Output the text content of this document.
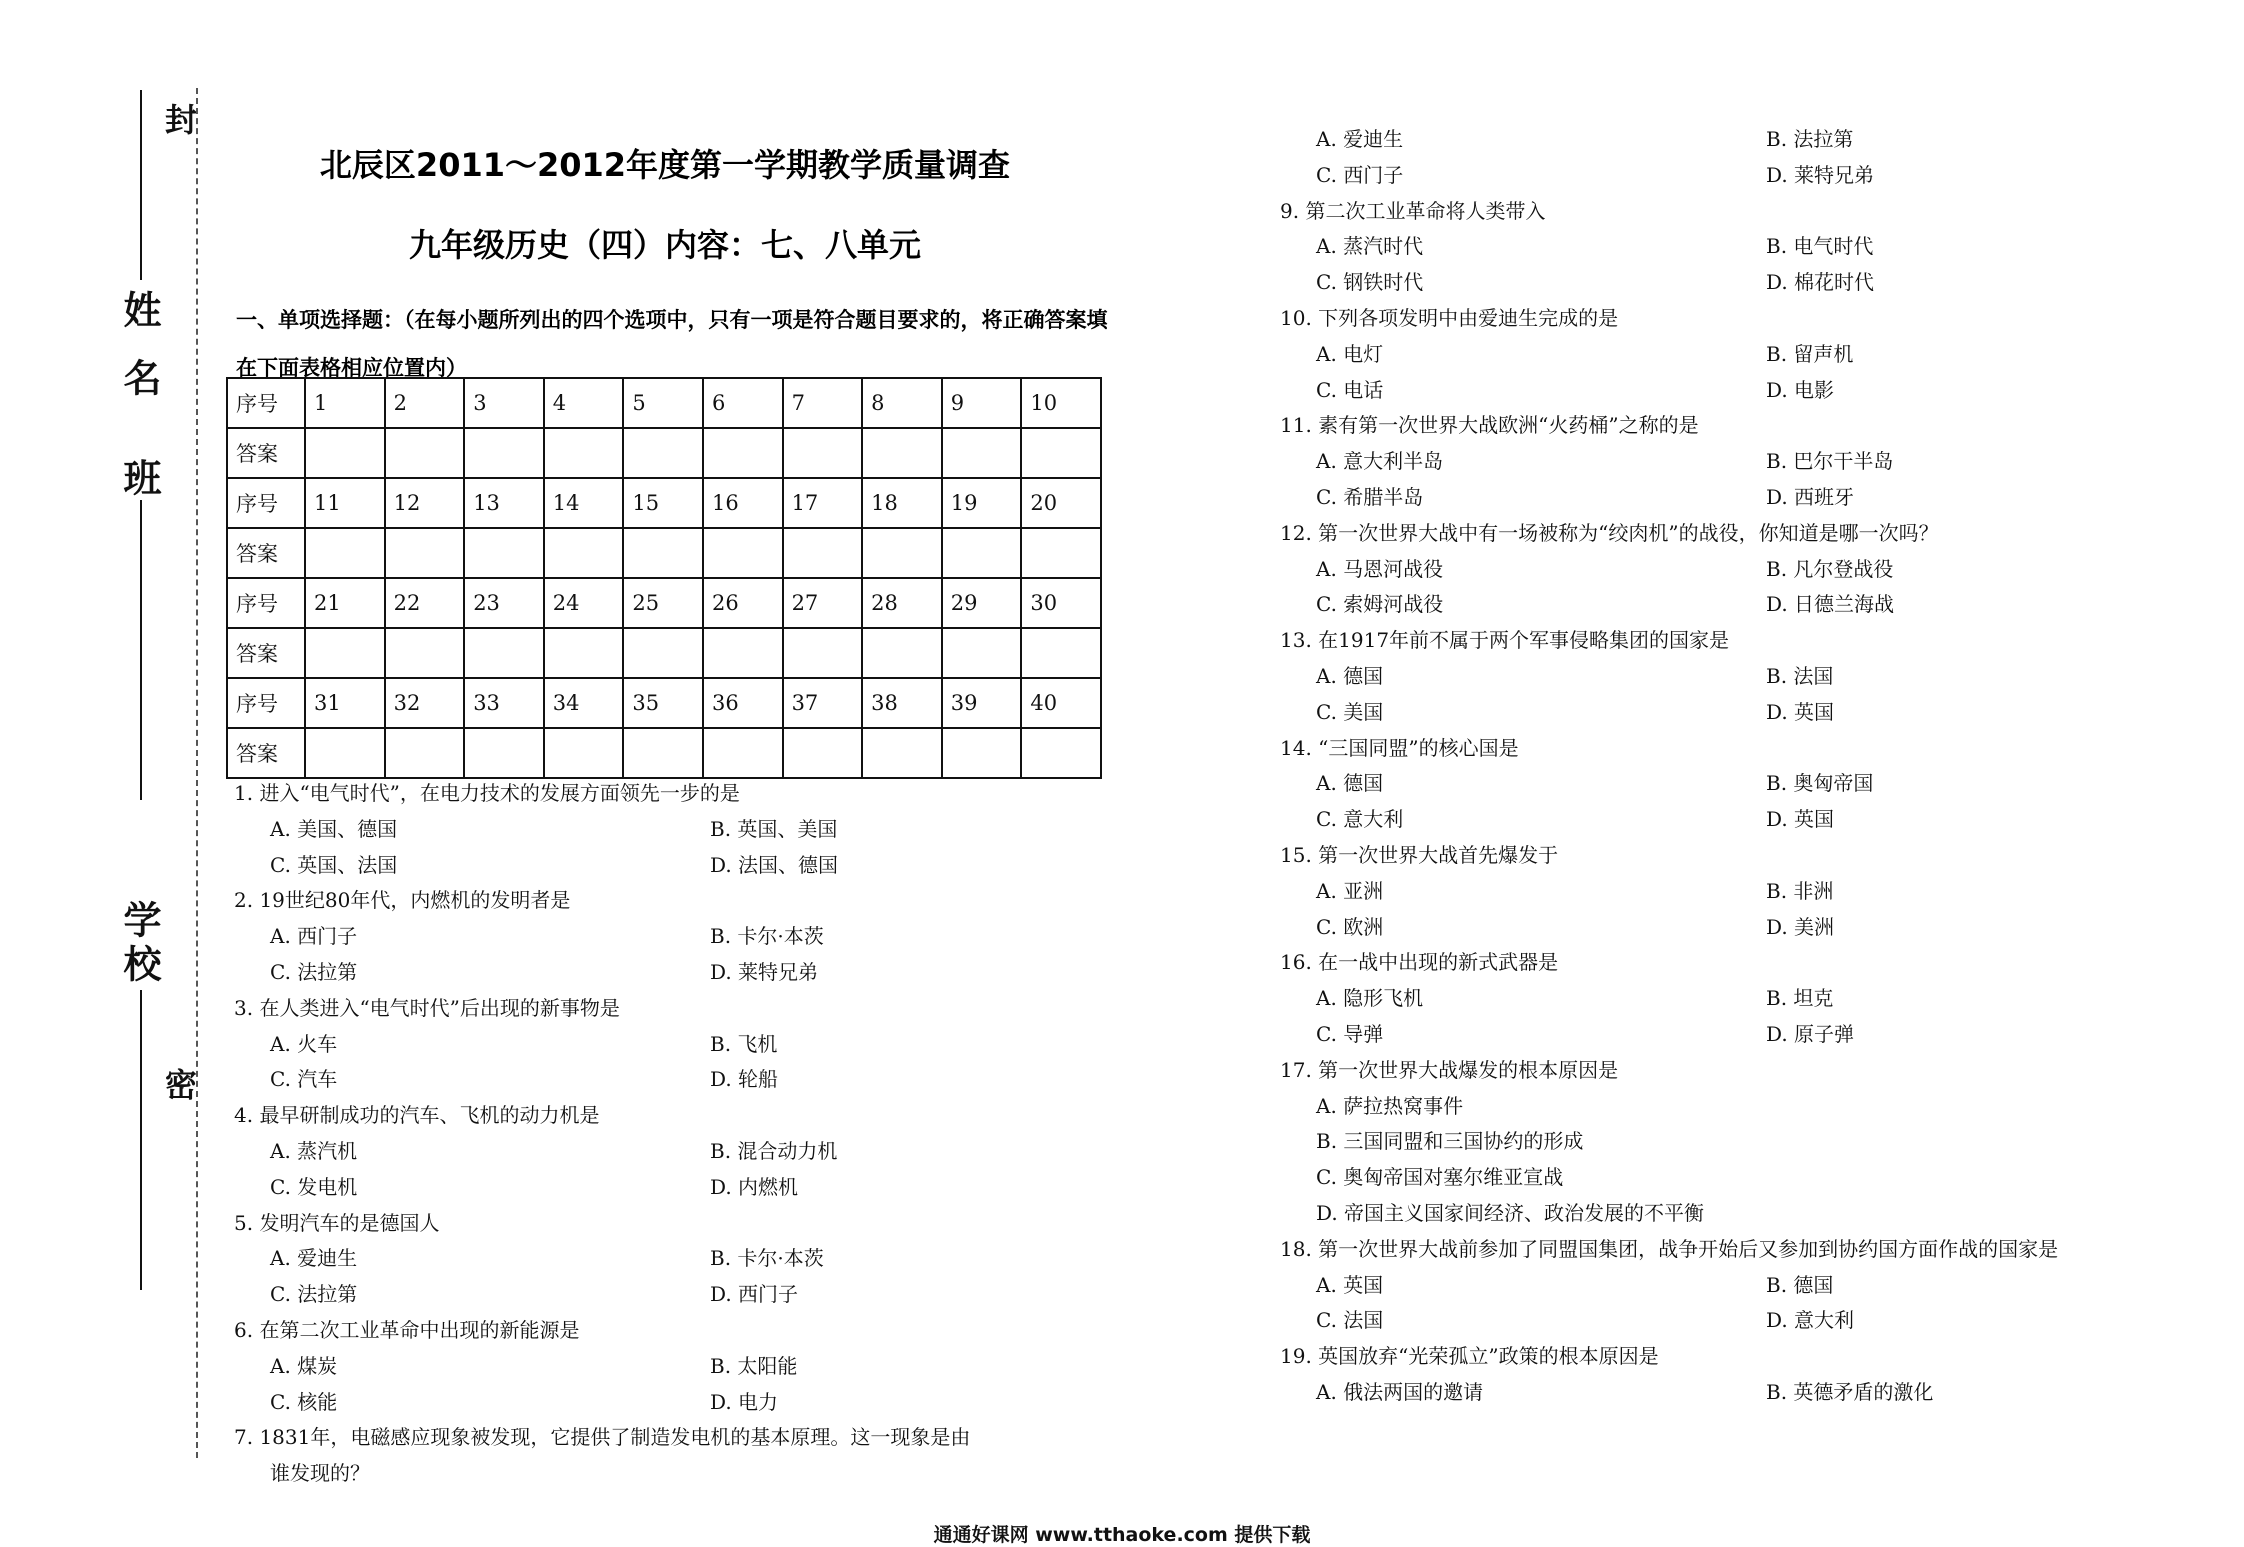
姓名
班
学校
封
密
北辰区2011～2012年度第一学期教学质量调查
九年级历史（四）内容：七、八单元
一、单项选择题：（在每小题所列出的四个选项中，只有一项是符合题目要求的，将正确答案填在下面表格相应位置内）
序号	1	2	3	4	5	6	7	8	9	10
答案										
序号	11	12	13	14	15	16	17	18	19	20
答案										
序号	21	22	23	24	25	26	27	28	29	30
答案										
序号	31	32	33	34	35	36	37	38	39	40
答案										
1. 进入“电气时代”，在电力技术的发展方面领先一步的是
A. 美国、德国	B. 英国、美国
C. 英国、法国	D. 法国、德国
2. 19世纪80年代，内燃机的发明者是
A. 西门子	B. 卡尔·本茨
C. 法拉第	D. 莱特兄弟
3. 在人类进入“电气时代”后出现的新事物是
A. 火车	B. 飞机
C. 汽车	D. 轮船
4. 最早研制成功的汽车、飞机的动力机是
A. 蒸汽机	B. 混合动力机
C. 发电机	D. 内燃机
5. 发明汽车的是德国人
A. 爱迪生	B. 卡尔·本茨
C. 法拉第	D. 西门子
6. 在第二次工业革命中出现的新能源是
A. 煤炭	B. 太阳能
C. 核能	D. 电力
7. 1831年，电磁感应现象被发现，它提供了制造发电机的基本原理。这一现象是由
谁发现的？
A. 爱迪生	B. 法拉第
C. 西门子	D. 莱特兄弟
9. 第二次工业革命将人类带入
A. 蒸汽时代	B. 电气时代
C. 钢铁时代	D. 棉花时代
10. 下列各项发明中由爱迪生完成的是
A. 电灯	B. 留声机
C. 电话	D. 电影
11. 素有第一次世界大战欧洲“火药桶”之称的是
A. 意大利半岛	B. 巴尔干半岛
C. 希腊半岛	D. 西班牙
12. 第一次世界大战中有一场被称为“绞肉机”的战役，你知道是哪一次吗？
A. 马恩河战役	B. 凡尔登战役
C. 索姆河战役	D. 日德兰海战
13. 在1917年前不属于两个军事侵略集团的国家是
A. 德国	B. 法国
C. 美国	D. 英国
14. “三国同盟”的核心国是
A. 德国	B. 奥匈帝国
C. 意大利	D. 英国
15. 第一次世界大战首先爆发于
A. 亚洲	B. 非洲
C. 欧洲	D. 美洲
16. 在一战中出现的新式武器是
A. 隐形飞机	B. 坦克
C. 导弹	D. 原子弹
17. 第一次世界大战爆发的根本原因是
A. 萨拉热窝事件
B. 三国同盟和三国协约的形成
C. 奥匈帝国对塞尔维亚宣战
D. 帝国主义国家间经济、政治发展的不平衡
18. 第一次世界大战前参加了同盟国集团，战争开始后又参加到协约国方面作战的国家是
A. 英国	B. 德国
C. 法国	D. 意大利
19. 英国放弃“光荣孤立”政策的根本原因是
A. 俄法两国的邀请	B. 英德矛盾的激化
通通好课网 www.tthaoke.com 提供下载
